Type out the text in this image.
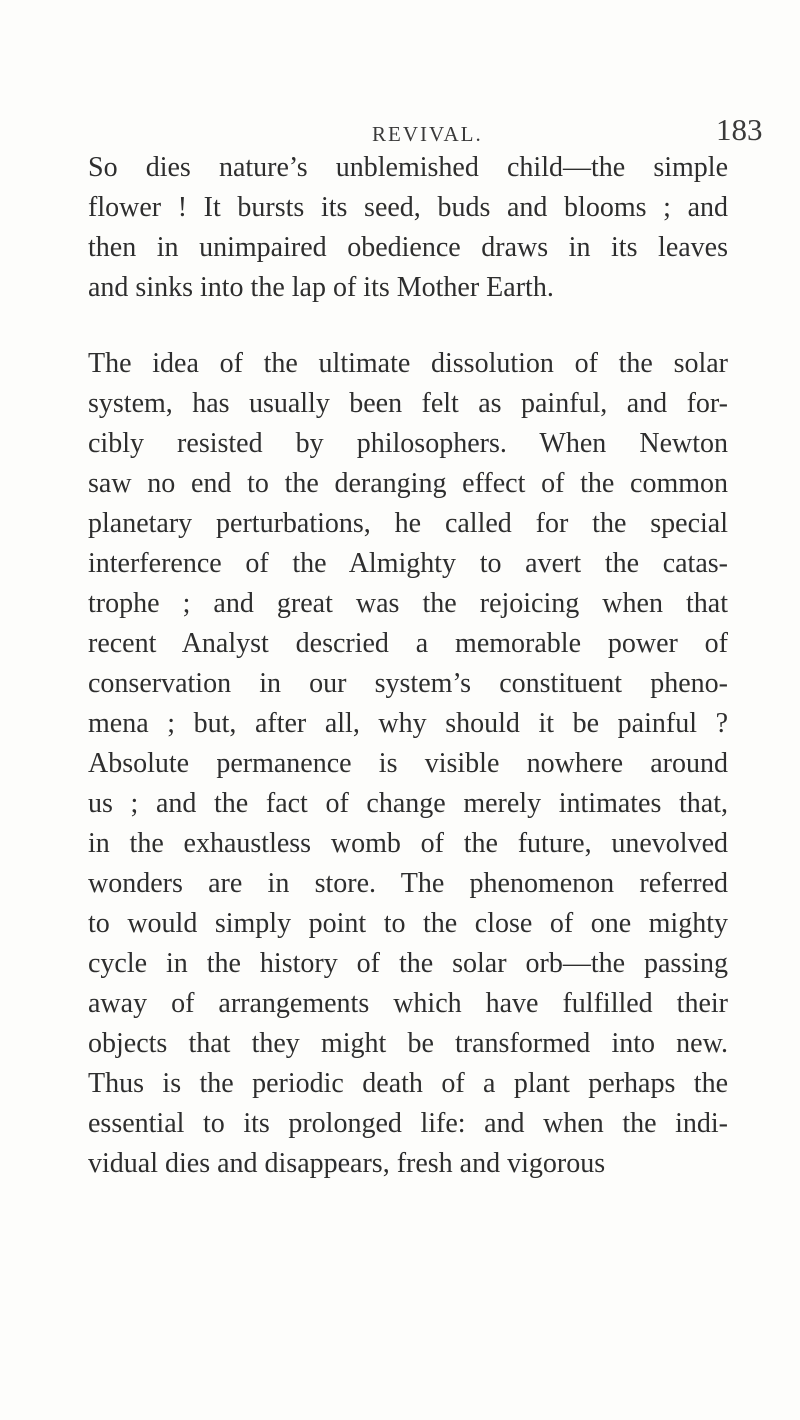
REVIVAL.	183

So dies nature’s unblemished child—the simple
flower ! It bursts its seed, buds and blooms ; and
then in unimpaired obedience draws in its leaves
and sinks into the lap of its Mother Earth.

The idea of the ultimate dissolution of the solar
system, has usually been felt as painful, and for-
cibly resisted by philosophers. When Newton
saw no end to the deranging effect of the common
planetary perturbations, he called for the special
interference of the Almighty to avert the catas-
trophe ; and great was the rejoicing when that
recent Analyst descried a memorable power of
conservation in our system’s constituent pheno-
mena ; but, after all, why should it be painful ?
Absolute permanence is visible nowhere around
us ; and the fact of change merely intimates that,
in the exhaustless womb of the future, unevolved
wonders are in store. The phenomenon referred
to would simply point to the close of one mighty
cycle in the history of the solar orb—the passing
away of arrangements which have fulfilled their
objects that they might be transformed into new.
Thus is the periodic death of a plant perhaps the
essential to its prolonged life: and when the indi-
vidual dies and disappears, fresh and vigorous
